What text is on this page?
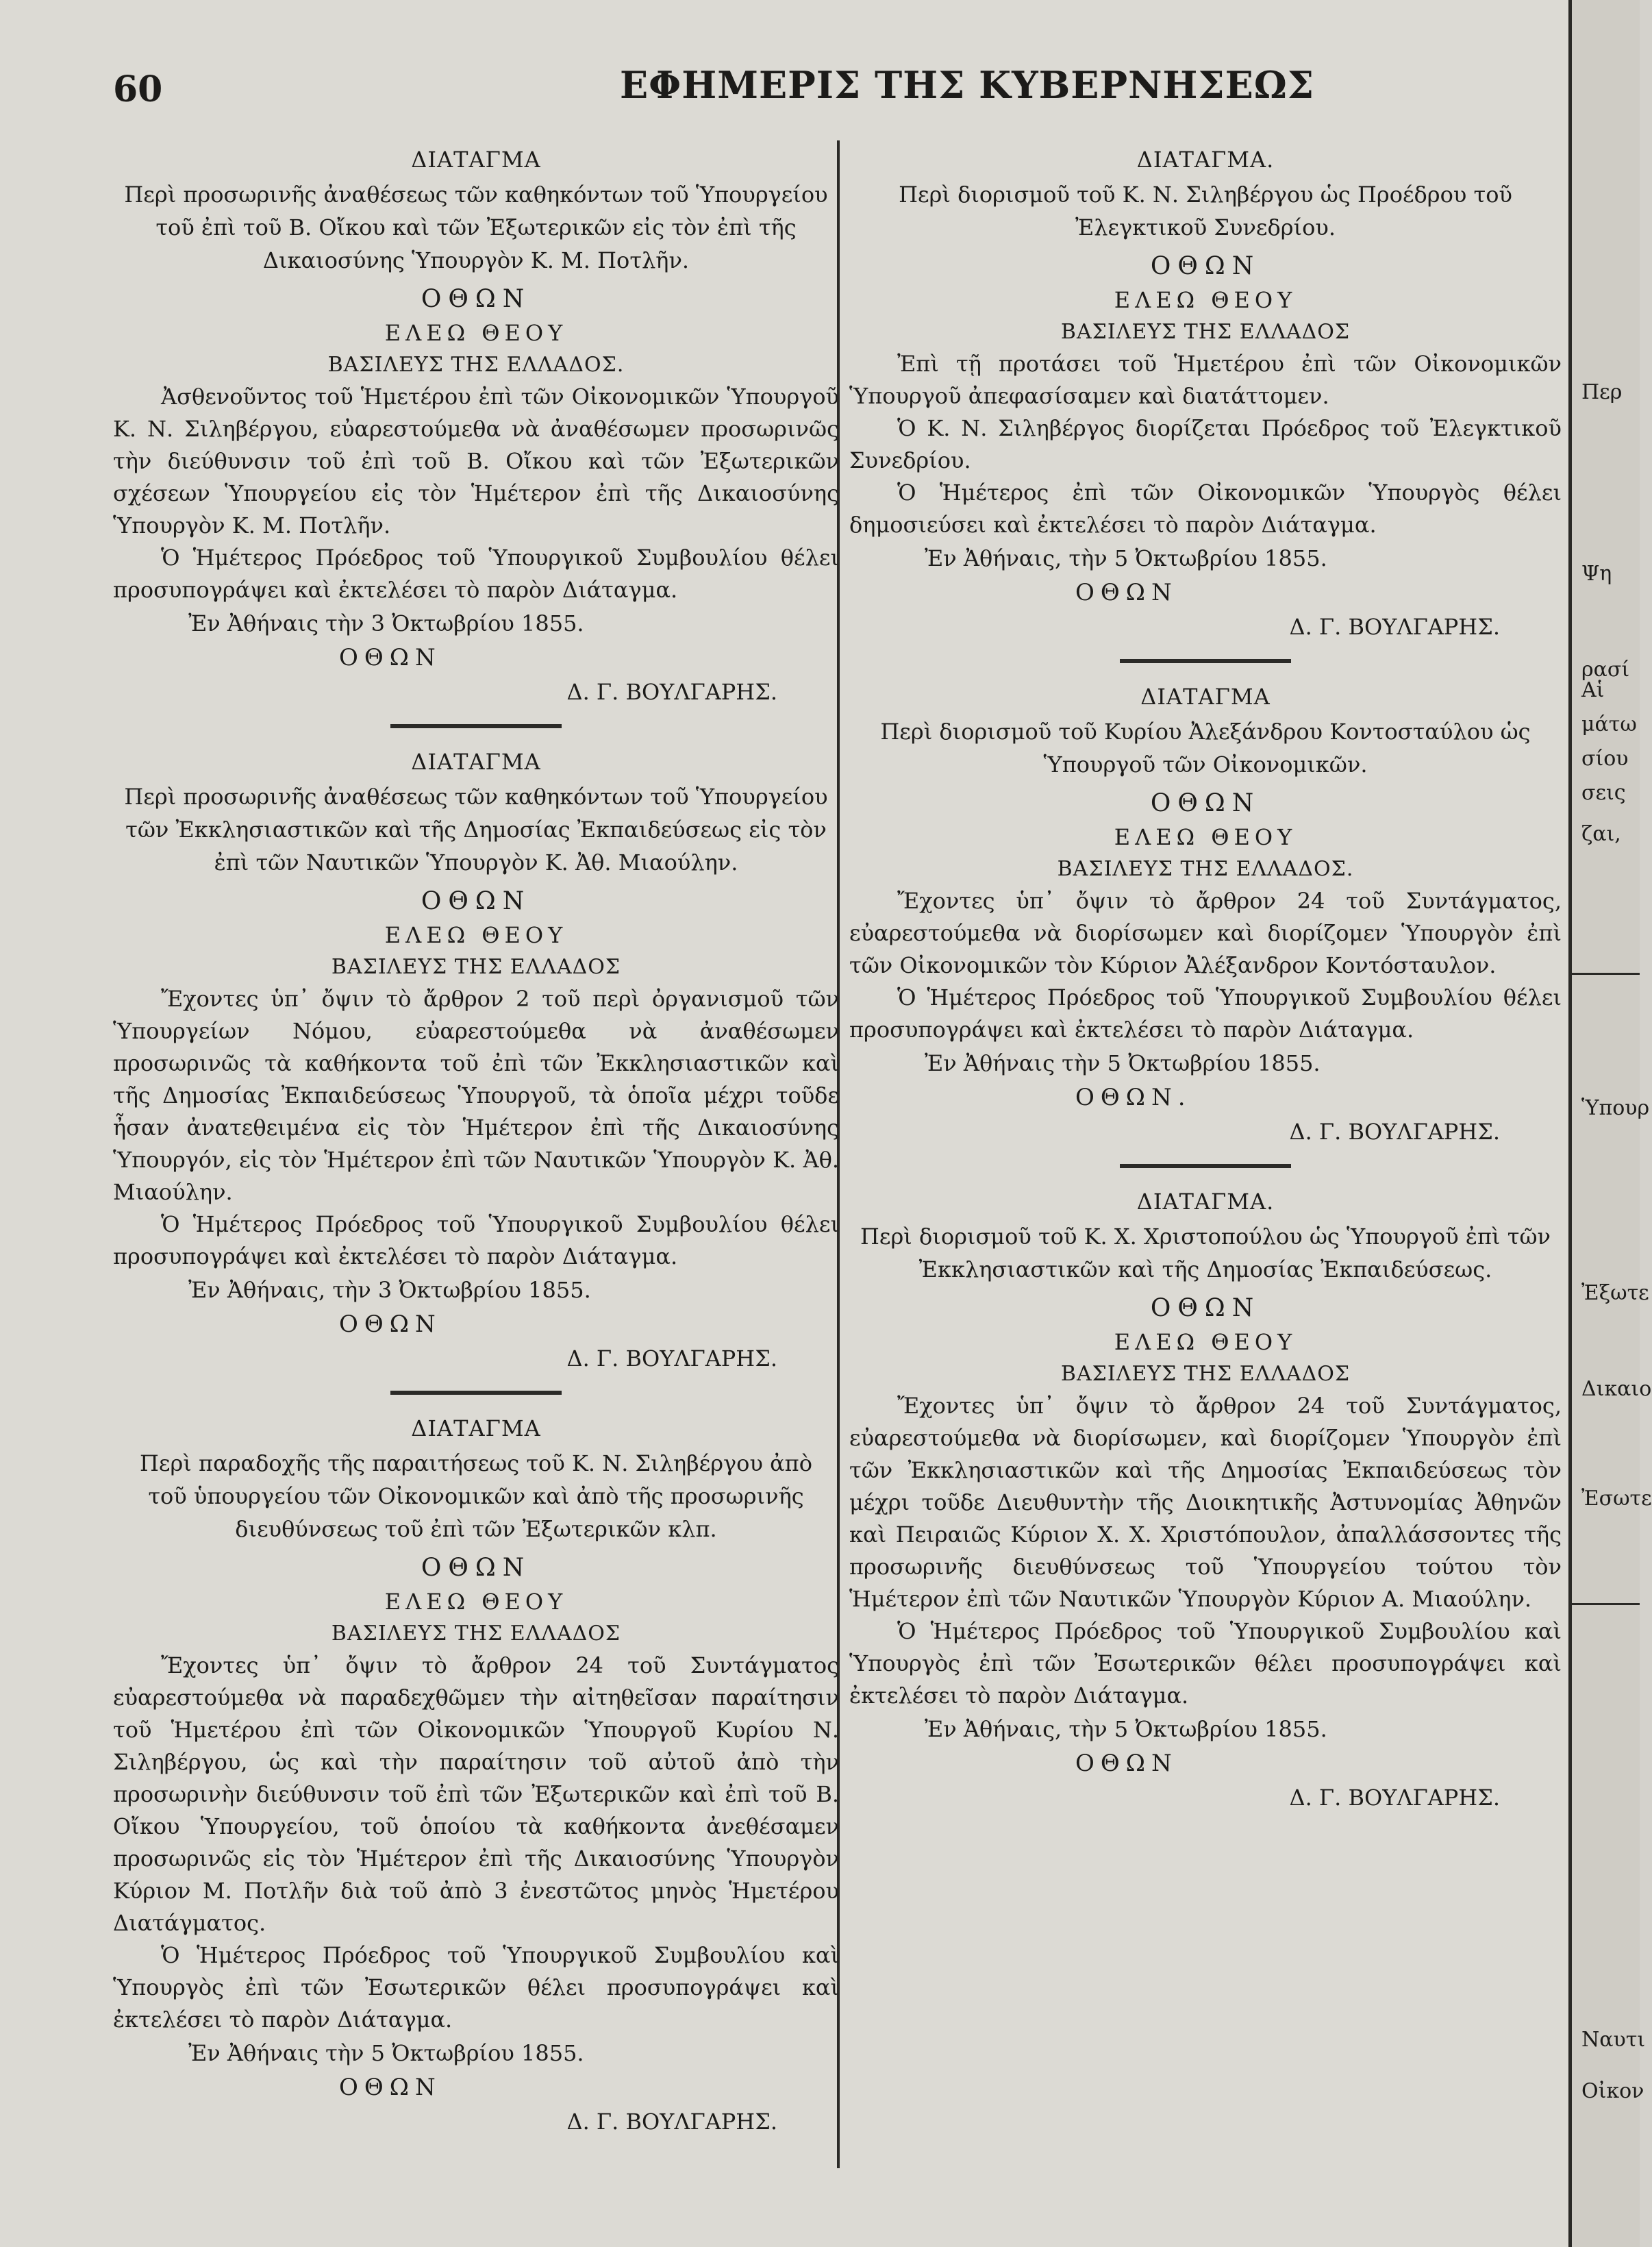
60	ΕΦΗΜΕΡΙΣ ΤΗΣ ΚΥΒΕΡΝΗΣΕΩΣ
ΔΙΑΤΑΓΜΑ
Περὶ προσωρινῆς ἀναθέσεως τῶν καθηκόντων τοῦ Ὑπουργείου τοῦ ἐπὶ τοῦ Β. Οἴκου καὶ τῶν Ἐξωτερικῶν εἰς τὸν ἐπὶ τῆς Δικαιοσύνης Ὑπουργὸν Κ. Μ. Ποτλῆν.
ΟΘΩΝ
ΕΛΕΩ ΘΕΟΥ
ΒΑΣΙΛΕΥΣ ΤΗΣ ΕΛΛΑΔΟΣ.

Ἀσθενοῦντος τοῦ Ἡμετέρου ἐπὶ τῶν Οἰκονομικῶν Ὑπουργοῦ Κ. Ν. Σιληβέργου, εὐαρεστούμεθα νὰ ἀναθέσωμεν προσωρινῶς τὴν διεύθυνσιν τοῦ ἐπὶ τοῦ Β. Οἴκου καὶ τῶν Ἐξωτερικῶν σχέσεων Ὑπουργείου εἰς τὸν Ἡμέτερον ἐπὶ τῆς Δικαιοσύνης Ὑπουργὸν Κ. Μ. Ποτλῆν.

Ὁ Ἡμέτερος Πρόεδρος τοῦ Ὑπουργικοῦ Συμβουλίου θέλει προσυπογράψει καὶ ἐκτελέσει τὸ παρὸν Διάταγμα.

Ἐν Ἀθήναις τὴν 3 Ὀκτωβρίου 1855.
ΟΘΩΝ
Δ. Γ. ΒΟΥΛΓΑΡΗΣ.
ΔΙΑΤΑΓΜΑ
Περὶ προσωρινῆς ἀναθέσεως τῶν καθηκόντων τοῦ Ὑπουργείου τῶν Ἐκκλησιαστικῶν καὶ τῆς Δημοσίας Ἐκπαιδεύσεως εἰς τὸν ἐπὶ τῶν Ναυτικῶν Ὑπουργὸν Κ. Ἀθ. Μιαούλην.
ΟΘΩΝ
ΕΛΕΩ ΘΕΟΥ
ΒΑΣΙΛΕΥΣ ΤΗΣ ΕΛΛΑΔΟΣ

Ἔχοντες ὑπ᾽ ὄψιν τὸ ἄρθρον 2 τοῦ περὶ ὀργανισμοῦ τῶν Ὑπουργείων Νόμου, εὐαρεστούμεθα νὰ ἀναθέσωμεν προσωρινῶς τὰ καθήκοντα τοῦ ἐπὶ τῶν Ἐκκλησιαστικῶν καὶ τῆς Δημοσίας Ἐκπαιδεύσεως Ὑπουργοῦ, τὰ ὁποῖα μέχρι τοῦδε ἦσαν ἀνατεθειμένα εἰς τὸν Ἡμέτερον ἐπὶ τῆς Δικαιοσύνης Ὑπουργόν, εἰς τὸν Ἡμέτερον ἐπὶ τῶν Ναυτικῶν Ὑπουργὸν Κ. Ἀθ. Μιαούλην.

Ὁ Ἡμέτερος Πρόεδρος τοῦ Ὑπουργικοῦ Συμβουλίου θέλει προσυπογράψει καὶ ἐκτελέσει τὸ παρὸν Διάταγμα.

Ἐν Ἀθήναις, τὴν 3 Ὀκτωβρίου 1855.
ΟΘΩΝ
Δ. Γ. ΒΟΥΛΓΑΡΗΣ.
ΔΙΑΤΑΓΜΑ
Περὶ παραδοχῆς τῆς παραιτήσεως τοῦ Κ. Ν. Σιληβέργου ἀπὸ τοῦ ὑπουργείου τῶν Οἰκονομικῶν καὶ ἀπὸ τῆς προσωρινῆς διευθύνσεως τοῦ ἐπὶ τῶν Ἐξωτερικῶν κλπ.
ΟΘΩΝ
ΕΛΕΩ ΘΕΟΥ
ΒΑΣΙΛΕΥΣ ΤΗΣ ΕΛΛΑΔΟΣ

Ἔχοντες ὑπ᾽ ὄψιν τὸ ἄρθρον 24 τοῦ Συντάγματος εὐαρεστούμεθα νὰ παραδεχθῶμεν τὴν αἰτηθεῖσαν παραίτησιν τοῦ Ἡμετέρου ἐπὶ τῶν Οἰκονομικῶν Ὑπουργοῦ Κυρίου Ν. Σιληβέργου, ὡς καὶ τὴν παραίτησιν τοῦ αὐτοῦ ἀπὸ τὴν προσωρινὴν διεύθυνσιν τοῦ ἐπὶ τῶν Ἐξωτερικῶν καὶ ἐπὶ τοῦ Β. Οἴκου Ὑπουργείου, τοῦ ὁποίου τὰ καθήκοντα ἀνεθέσαμεν προσωρινῶς εἰς τὸν Ἡμέτερον ἐπὶ τῆς Δικαιοσύνης Ὑπουργὸν Κύριον Μ. Ποτλῆν διὰ τοῦ ἀπὸ 3 ἐνεστῶτος μηνὸς Ἡμετέρου Διατάγματος.

Ὁ Ἡμέτερος Πρόεδρος τοῦ Ὑπουργικοῦ Συμβουλίου καὶ Ὑπουργὸς ἐπὶ τῶν Ἐσωτερικῶν θέλει προσυπογράψει καὶ ἐκτελέσει τὸ παρὸν Διάταγμα.

Ἐν Ἀθήναις τὴν 5 Ὀκτωβρίου 1855.
ΟΘΩΝ
Δ. Γ. ΒΟΥΛΓΑΡΗΣ.
ΔΙΑΤΑΓΜΑ.
Περὶ διορισμοῦ τοῦ Κ. Ν. Σιληβέργου ὡς Προέδρου τοῦ Ἐλεγκτικοῦ Συνεδρίου.
ΟΘΩΝ
ΕΛΕΩ ΘΕΟΥ
ΒΑΣΙΛΕΥΣ ΤΗΣ ΕΛΛΑΔΟΣ

Ἐπὶ τῇ προτάσει τοῦ Ἡμετέρου ἐπὶ τῶν Οἰκονομικῶν Ὑπουργοῦ ἀπεφασίσαμεν καὶ διατάττομεν.

Ὁ Κ. Ν. Σιληβέργος διορίζεται Πρόεδρος τοῦ Ἐλεγκτικοῦ Συνεδρίου.

Ὁ Ἡμέτερος ἐπὶ τῶν Οἰκονομικῶν Ὑπουργὸς θέλει δημοσιεύσει καὶ ἐκτελέσει τὸ παρὸν Διάταγμα.

Ἐν Ἀθήναις, τὴν 5 Ὀκτωβρίου 1855.
ΟΘΩΝ
Δ. Γ. ΒΟΥΛΓΑΡΗΣ.
ΔΙΑΤΑΓΜΑ
Περὶ διορισμοῦ τοῦ Κυρίου Ἀλεξάνδρου Κοντοσταύλου ὡς Ὑπουργοῦ τῶν Οἰκονομικῶν.
ΟΘΩΝ
ΕΛΕΩ ΘΕΟΥ
ΒΑΣΙΛΕΥΣ ΤΗΣ ΕΛΛΑΔΟΣ.

Ἔχοντες ὑπ᾽ ὄψιν τὸ ἄρθρον 24 τοῦ Συντάγματος, εὐαρεστούμεθα νὰ διορίσωμεν καὶ διορίζομεν Ὑπουργὸν ἐπὶ τῶν Οἰκονομικῶν τὸν Κύριον Ἀλέξανδρον Κοντόσταυλον.

Ὁ Ἡμέτερος Πρόεδρος τοῦ Ὑπουργικοῦ Συμβουλίου θέλει προσυπογράψει καὶ ἐκτελέσει τὸ παρὸν Διάταγμα.

Ἐν Ἀθήναις τὴν 5 Ὀκτωβρίου 1855.
ΟΘΩΝ.
Δ. Γ. ΒΟΥΛΓΑΡΗΣ.
ΔΙΑΤΑΓΜΑ.
Περὶ διορισμοῦ τοῦ Κ. Χ. Χριστοπούλου ὡς Ὑπουργοῦ ἐπὶ τῶν Ἐκκλησιαστικῶν καὶ τῆς Δημοσίας Ἐκπαιδεύσεως.
ΟΘΩΝ
ΕΛΕΩ ΘΕΟΥ
ΒΑΣΙΛΕΥΣ ΤΗΣ ΕΛΛΑΔΟΣ

Ἔχοντες ὑπ᾽ ὄψιν τὸ ἄρθρον 24 τοῦ Συντάγματος, εὐαρεστούμεθα νὰ διορίσωμεν, καὶ διορίζομεν Ὑπουργὸν ἐπὶ τῶν Ἐκκλησιαστικῶν καὶ τῆς Δημοσίας Ἐκπαιδεύσεως τὸν μέχρι τοῦδε Διευθυντὴν τῆς Διοικητικῆς Ἀστυνομίας Ἀθηνῶν καὶ Πειραιῶς Κύριον Χ. Χ. Χριστόπουλον, ἀπαλλάσσοντες τῆς προσωρινῆς διευθύνσεως τοῦ Ὑπουργείου τούτου τὸν Ἡμέτερον ἐπὶ τῶν Ναυτικῶν Ὑπουργὸν Κύριον Α. Μιαούλην.

Ὁ Ἡμέτερος Πρόεδρος τοῦ Ὑπουργικοῦ Συμβουλίου καὶ Ὑπουργὸς ἐπὶ τῶν Ἐσωτερικῶν θέλει προσυπογράψει καὶ ἐκτελέσει τὸ παρὸν Διάταγμα.

Ἐν Ἀθήναις, τὴν 5 Ὀκτωβρίου 1855.
ΟΘΩΝ
Δ. Γ. ΒΟΥΛΓΑΡΗΣ.
Περ
Ψη
ρασί
Αἱ
μάτω
σίου
σεις
ζαι,
Ὑπουρ
Ἐξωτε
Δικαιο
Ἐσωτε
Ναυτι
Οἰκον
